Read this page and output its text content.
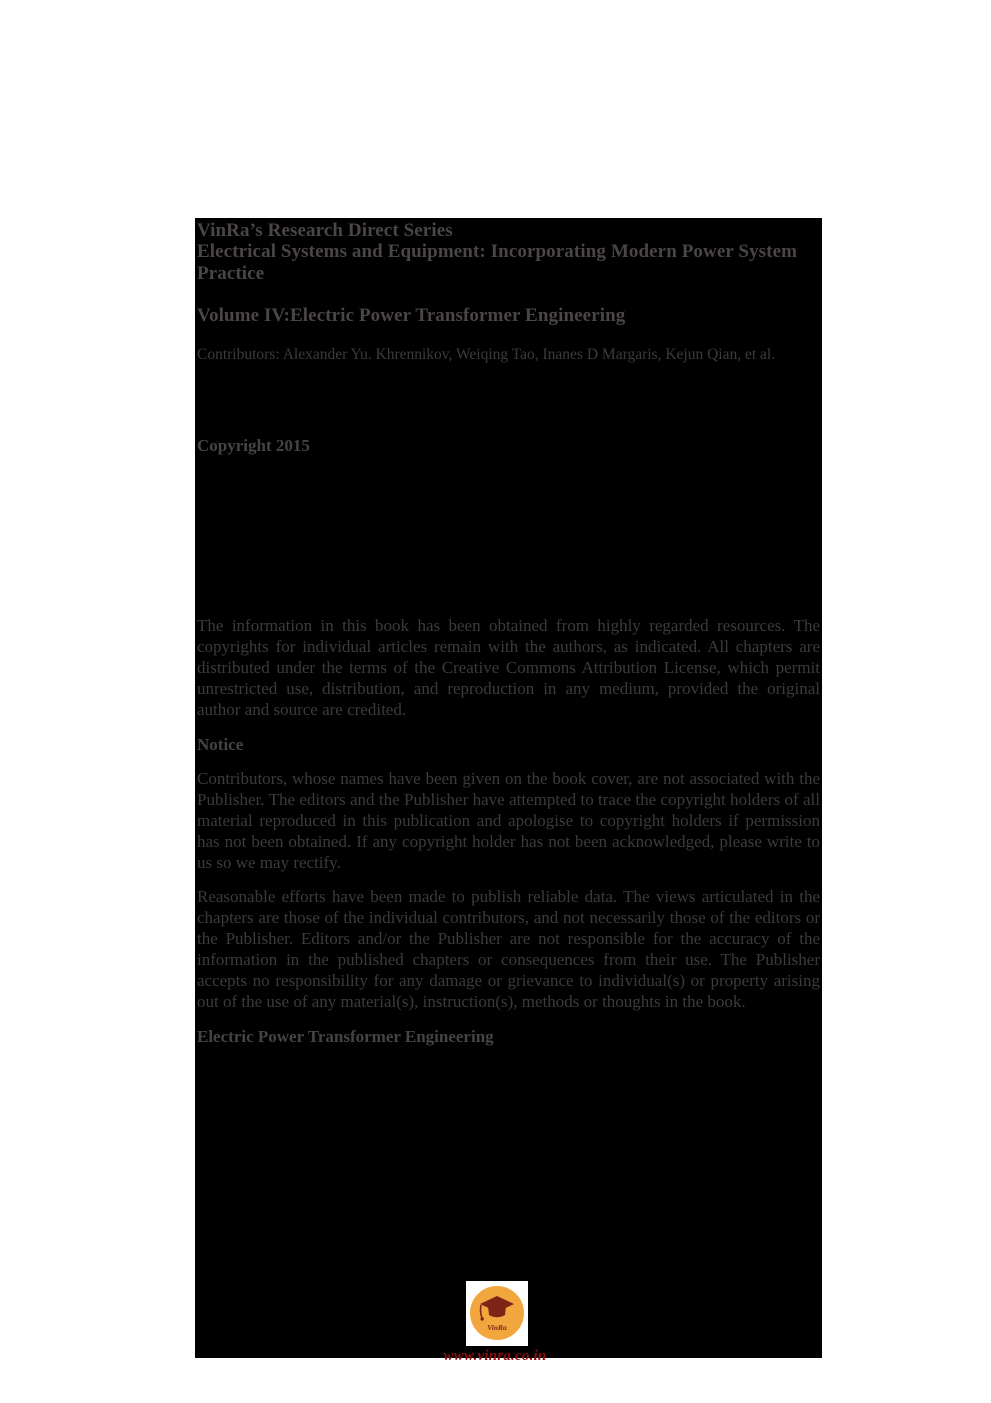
VinRa’s Research Direct Series
Electrical Systems and Equipment: Incorporating Modern Power System Practice
Volume IV:Electric Power Transformer Engineering
Contributors: Alexander Yu. Khrennikov, Weiqing Tao, Inanes D Margaris, Kejun Qian, et al.
Copyright 2015
The information in this book has been obtained from highly regarded resources. The copyrights for individual articles remain with the authors, as indicated. All chapters are distributed under the terms of the Creative Commons Attribution License, which permit unrestricted use, distribution, and reproduction in any medium, provided the original author and source are credited.
Notice
Contributors, whose names have been given on the book cover, are not associated with the Publisher. The editors and the Publisher have attempted to trace the copyright holders of all material reproduced in this publication and apologise to copyright holders if permission has not been obtained. If any copyright holder has not been acknowledged, please write to us so we may rectify.
Reasonable efforts have been made to publish reliable data. The views articulated in the chapters are those of the individual contributors, and not necessarily those of the editors or the Publisher. Editors and/or the Publisher are not responsible for the accuracy of the information in the published chapters or consequences from their use. The Publisher accepts no responsibility for any damage or grievance to individual(s) or property arising out of the use of any material(s), instruction(s), methods or thoughts in the book.
Electric Power Transformer Engineering
VinRa
www.vinra.co.in
